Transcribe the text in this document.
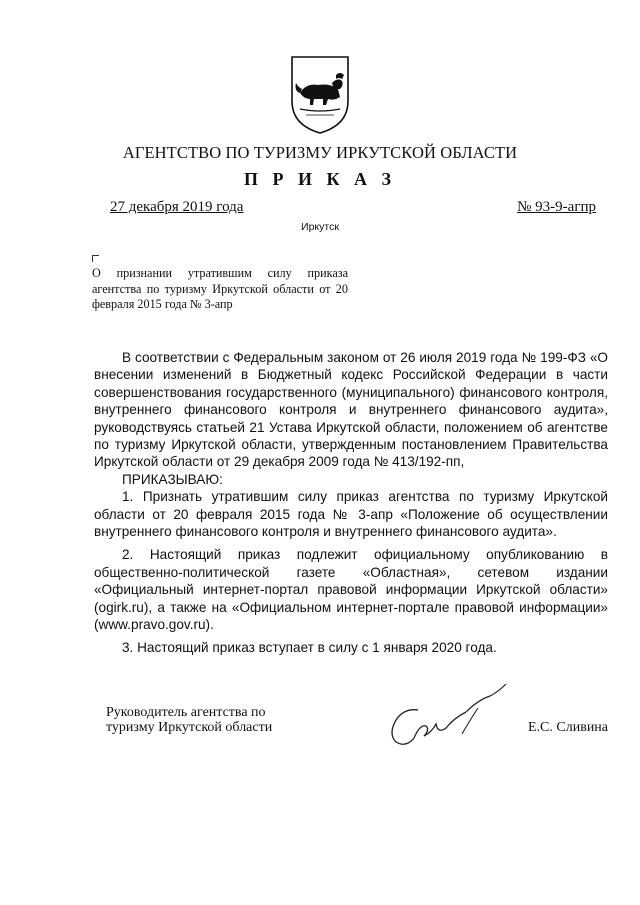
АГЕНТСТВО ПО ТУРИЗМУ ИРКУТСКОЙ ОБЛАСТИ
П Р И К А З
27 декабря 2019 года	№ 93-9-агпр
Иркутск
О признании утратившим силу приказа агентства по туризму Иркутской области от 20 февраля 2015 года № 3-апр

В соответствии с Федеральным законом от 26 июля 2019 года № 199-ФЗ «О внесении изменений в Бюджетный кодекс Российской Федерации в части совершенствования государственного (муниципального) финансового контроля, внутреннего финансового контроля и внутреннего финансового аудита», руководствуясь статьей 21 Устава Иркутской области, положением об агентстве по туризму Иркутской области, утвержденным постановлением Правительства Иркутской области от 29 декабря 2009 года № 413/192-пп,

ПРИКАЗЫВАЮ:

1. Признать утратившим силу приказ агентства по туризму Иркутской области от 20 февраля 2015 года № 3-апр «Положение об осуществлении внутреннего финансового контроля и внутреннего финансового аудита».

2. Настоящий приказ подлежит официальному опубликованию в общественно-политической газете «Областная», сетевом издании «Официальный интернет-портал правовой информации Иркутской области» (ogirk.ru), а также на «Официальном интернет-портале правовой информации» (www.pravo.gov.ru).

3. Настоящий приказ вступает в силу с 1 января 2020 года.

Руководитель агентства по
туризму Иркутской области	Е.С. Сливина
